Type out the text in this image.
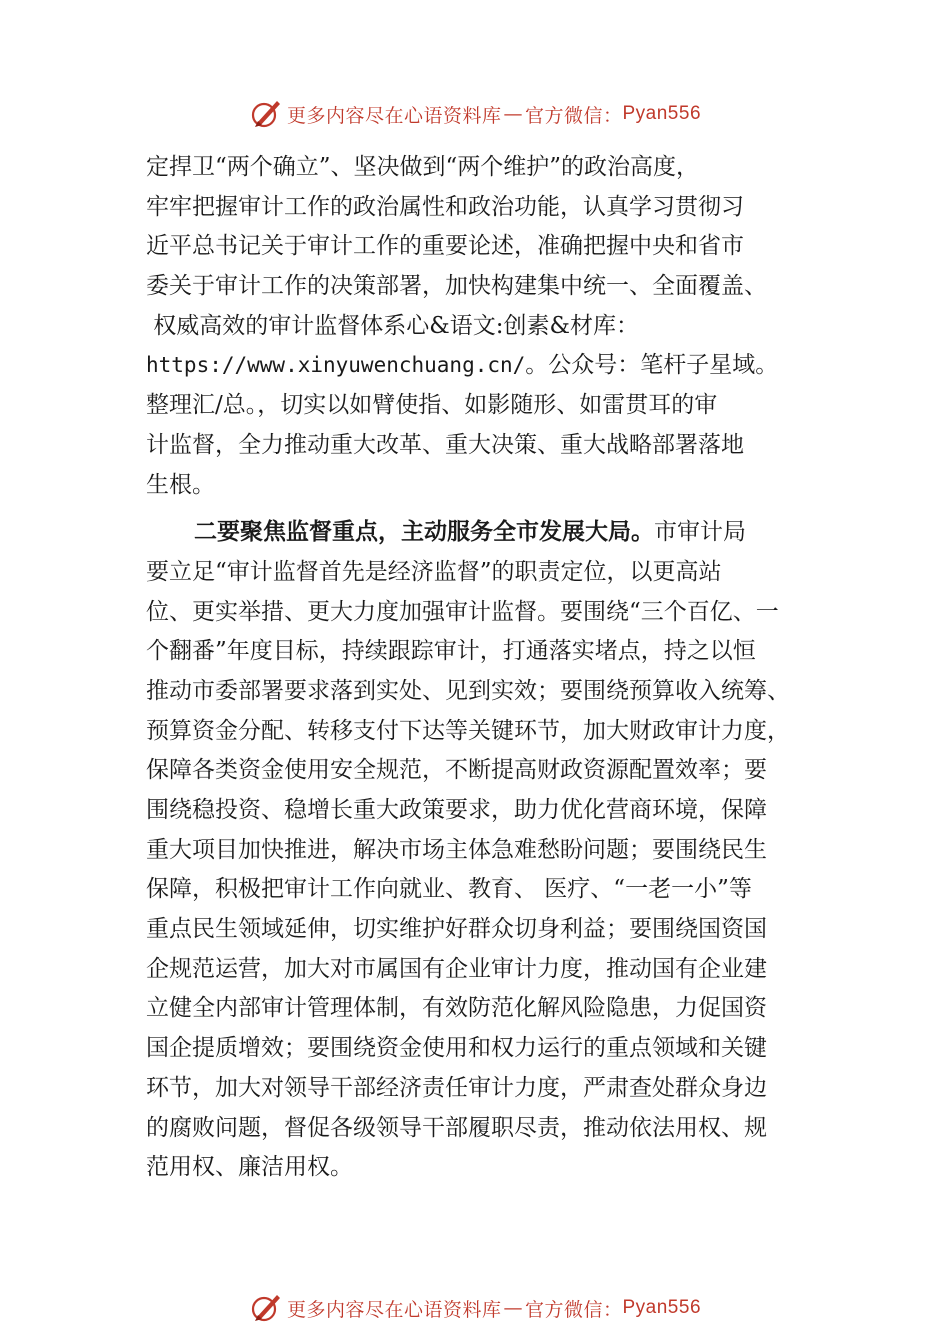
更多内容尽在心语资料库 — 官方微信： Pyan556
定捍卫“两个确立”、坚决做到“两个维护”的政治高度，
牢牢把握审计工作的政治属性和政治功能，认真学习贯彻习
近平总书记关于审计工作的重要论述，准确把握中央和省市
委关于审计工作的决策部署，加快构建集中统一、全面覆盖、
权威高效的审计监督体系心&语文:创素&材库：
https://www.xinyuwenchuang.cn/。公众号：笔杆子星域。
整理汇/总。，切实以如臂使指、如影随形、如雷贯耳的审
计监督，全力推动重大改革、重大决策、重大战略部署落地
生根。
二要聚焦监督重点，主动服务全市发展大局。市审计局
要立足“审计监督首先是经济监督”的职责定位，以更高站
位、更实举措、更大力度加强审计监督。要围绕“三个百亿、一
个翻番”年度目标，持续跟踪审计，打通落实堵点，持之以恒
推动市委部署要求落到实处、见到实效；要围绕预算收入统筹、
预算资金分配、转移支付下达等关键环节，加大财政审计力度，
保障各类资金使用安全规范，不断提高财政资源配置效率；要
围绕稳投资、稳增长重大政策要求，助力优化营商环境，保障
重大项目加快推进，解决市场主体急难愁盼问题；要围绕民生
保障，积极把审计工作向就业、教育、 医疗、“一老一小”等
重点民生领域延伸，切实维护好群众切身利益；要围绕国资国
企规范运营，加大对市属国有企业审计力度，推动国有企业建
立健全内部审计管理体制，有效防范化解风险隐患，力促国资
国企提质增效；要围绕资金使用和权力运行的重点领域和关键
环节，加大对领导干部经济责任审计力度，严肃查处群众身边
的腐败问题，督促各级领导干部履职尽责，推动依法用权、规
范用权、廉洁用权。
更多内容尽在心语资料库 — 官方微信： Pyan556
